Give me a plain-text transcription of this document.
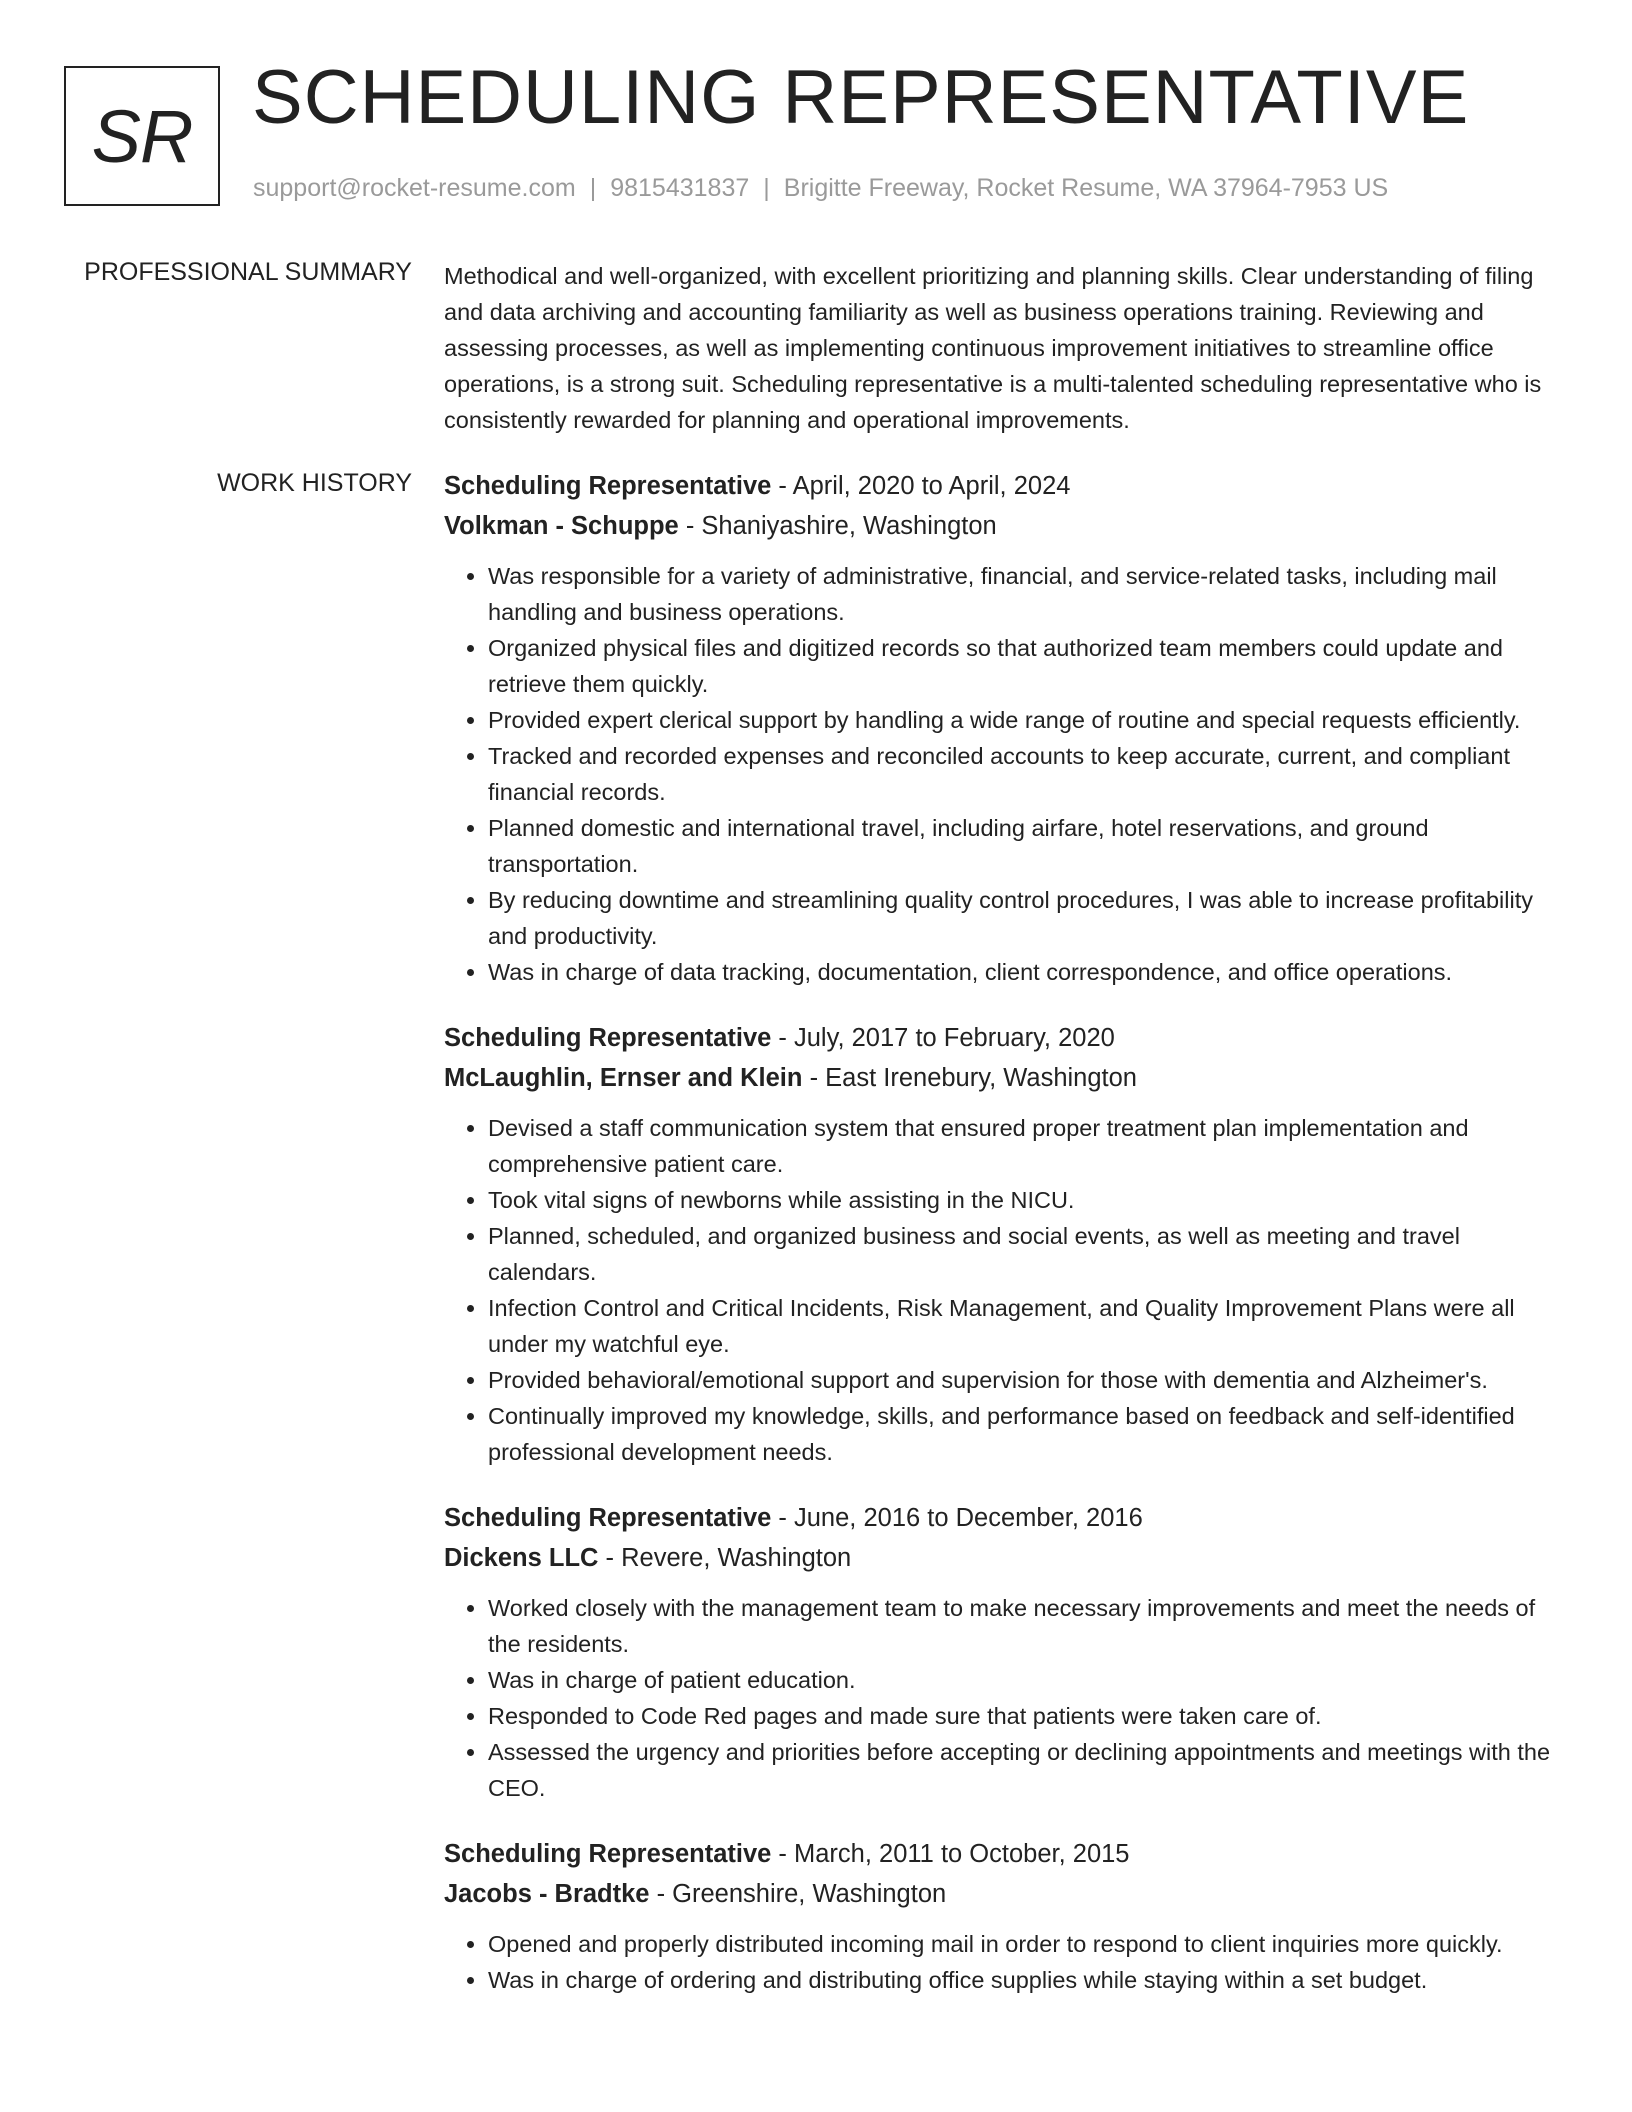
SR SCHEDULING REPRESENTATIVE
support@rocket-resume.com | 9815431837 | Brigitte Freeway, Rocket Resume, WA 37964-7953 US
PROFESSIONAL SUMMARY Methodical and well-organized, with excellent prioritizing and planning skills. Clear understanding of filing and data archiving and accounting familiarity as well as business operations training. Reviewing and assessing processes, as well as implementing continuous improvement initiatives to streamline office operations, is a strong suit. Scheduling representative is a multi-talented scheduling representative who is consistently rewarded for planning and operational improvements.
WORK HISTORY Scheduling Representative - April, 2020 to April, 2024
Volkman - Schuppe - Shaniyashire, Washington
• Was responsible for a variety of administrative, financial, and service-related tasks, including mail handling and business operations.
• Organized physical files and digitized records so that authorized team members could update and retrieve them quickly.
• Provided expert clerical support by handling a wide range of routine and special requests efficiently.
• Tracked and recorded expenses and reconciled accounts to keep accurate, current, and compliant financial records.
• Planned domestic and international travel, including airfare, hotel reservations, and ground transportation.
• By reducing downtime and streamlining quality control procedures, I was able to increase profitability and productivity.
• Was in charge of data tracking, documentation, client correspondence, and office operations.
Scheduling Representative - July, 2017 to February, 2020
McLaughlin, Ernser and Klein - East Irenebury, Washington
• Devised a staff communication system that ensured proper treatment plan implementation and comprehensive patient care.
• Took vital signs of newborns while assisting in the NICU.
• Planned, scheduled, and organized business and social events, as well as meeting and travel calendars.
• Infection Control and Critical Incidents, Risk Management, and Quality Improvement Plans were all under my watchful eye.
• Provided behavioral/emotional support and supervision for those with dementia and Alzheimer's.
• Continually improved my knowledge, skills, and performance based on feedback and self-identified professional development needs.
Scheduling Representative - June, 2016 to December, 2016
Dickens LLC - Revere, Washington
• Worked closely with the management team to make necessary improvements and meet the needs of the residents.
• Was in charge of patient education.
• Responded to Code Red pages and made sure that patients were taken care of.
• Assessed the urgency and priorities before accepting or declining appointments and meetings with the CEO.
Scheduling Representative - March, 2011 to October, 2015
Jacobs - Bradtke - Greenshire, Washington
• Opened and properly distributed incoming mail in order to respond to client inquiries more quickly.
• Was in charge of ordering and distributing office supplies while staying within a set budget.
